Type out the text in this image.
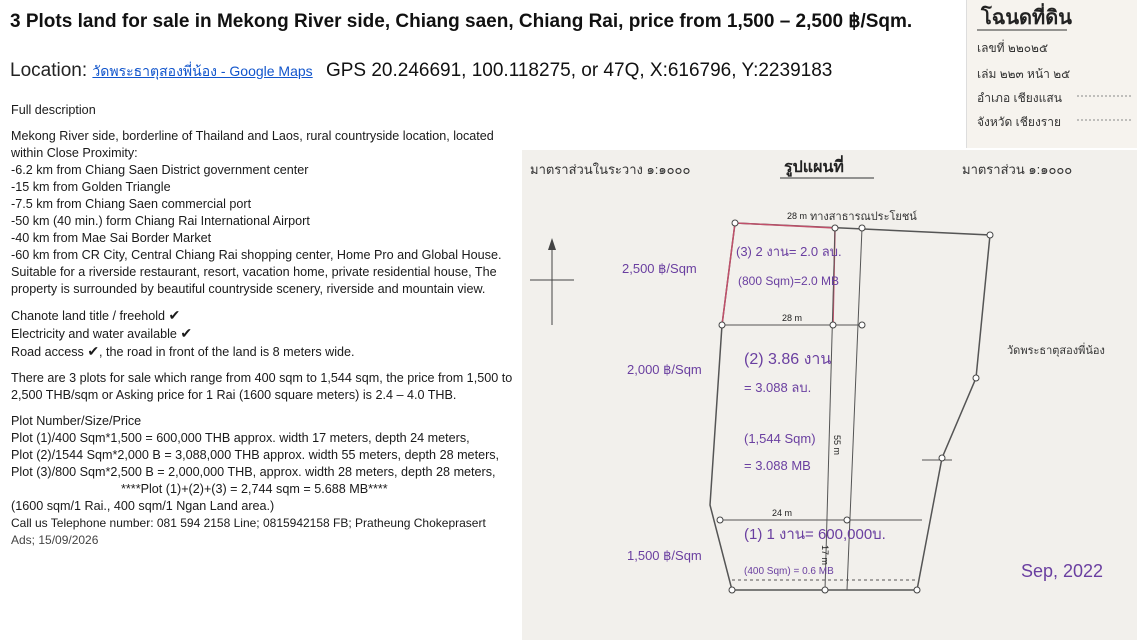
3 Plots land for sale in Mekong River side, Chiang saen, Chiang Rai, price from 1,500 – 2,500 ฿/Sqm.
Location: วัดพระธาตุสองพี่น้อง - Google Maps GPS 20.246691, 100.118275, or 47Q, X:616796, Y:2239183

Full description

Mekong River side, borderline of Thailand and Laos, rural countryside location, located within Close Proximity:
-6.2 km from Chiang Saen District government center
-15 km from Golden Triangle
-7.5 km from Chiang Saen commercial port
-50 km (40 min.) form Chiang Rai International Airport
-40 km from Mae Sai Border Market
-60 km from CR City, Central Chiang Rai shopping center, Home Pro and Global House.
Suitable for a riverside restaurant, resort, vacation home, private residential house, The property is surrounded by beautiful countryside scenery, riverside and mountain view.

Chanote land title / freehold ✔
Electricity and water available ✔
Road access ✔, the road in front of the land is 8 meters wide.

There are 3 plots for sale which range from 400 sqm to 1,544 sqm, the price from 1,500 to 2,500 THB/sqm or Asking price for 1 Rai (1600 square meters) is 2.4 – 4.0 THB.

Plot Number/Size/Price
Plot (1)/400 Sqm*1,500 = 600,000 THB approx. width 17 meters, depth 24 meters,
Plot (2)/1544 Sqm*2,000 B = 3,088,000 THB approx. width 55 meters, depth 28 meters,
Plot (3)/800 Sqm*2,500 B = 2,000,000 THB, approx. width 28 meters, depth 28 meters,
****Plot (1)+(2)+(3) = 2,744 sqm = 5.688 MB****
(1600 sqm/1 Rai., 400 sqm/1 Ngan Land area.)
Call us Telephone number: 081 594 2158 Line; 0815942158 FB; Pratheung Chokeprasert
Ads; 15/09/2026

โฉนดที่ดิน
เลขที่ ๒๒๐๒๕
เล่ม ๒๒๓ หน้า ๒๕
อำเภอ เชียงแสน
จังหวัด เชียงราย
มาตราส่วนในระวาง ๑:๑๐๐๐	รูปแผนที่	มาตราส่วน ๑:๑๐๐๐
ทางสาธารณประโยชน์
วัดพระธาตุสองพี่น้อง
28 m
28 m
55 m
24 m
17 m
2,500 ฿/Sqm
2,000 ฿/Sqm
1,500 ฿/Sqm
(3) 2 งาน= 2.0 ลบ.
(800 Sqm)=2.0 MB
(2) 3.86 งาน
= 3.088 ลบ.
(1,544 Sqm)
= 3.088 MB
(1) 1 งาน= 600,000บ.
(400 Sqm) = 0.6 MB	Sep, 2022
